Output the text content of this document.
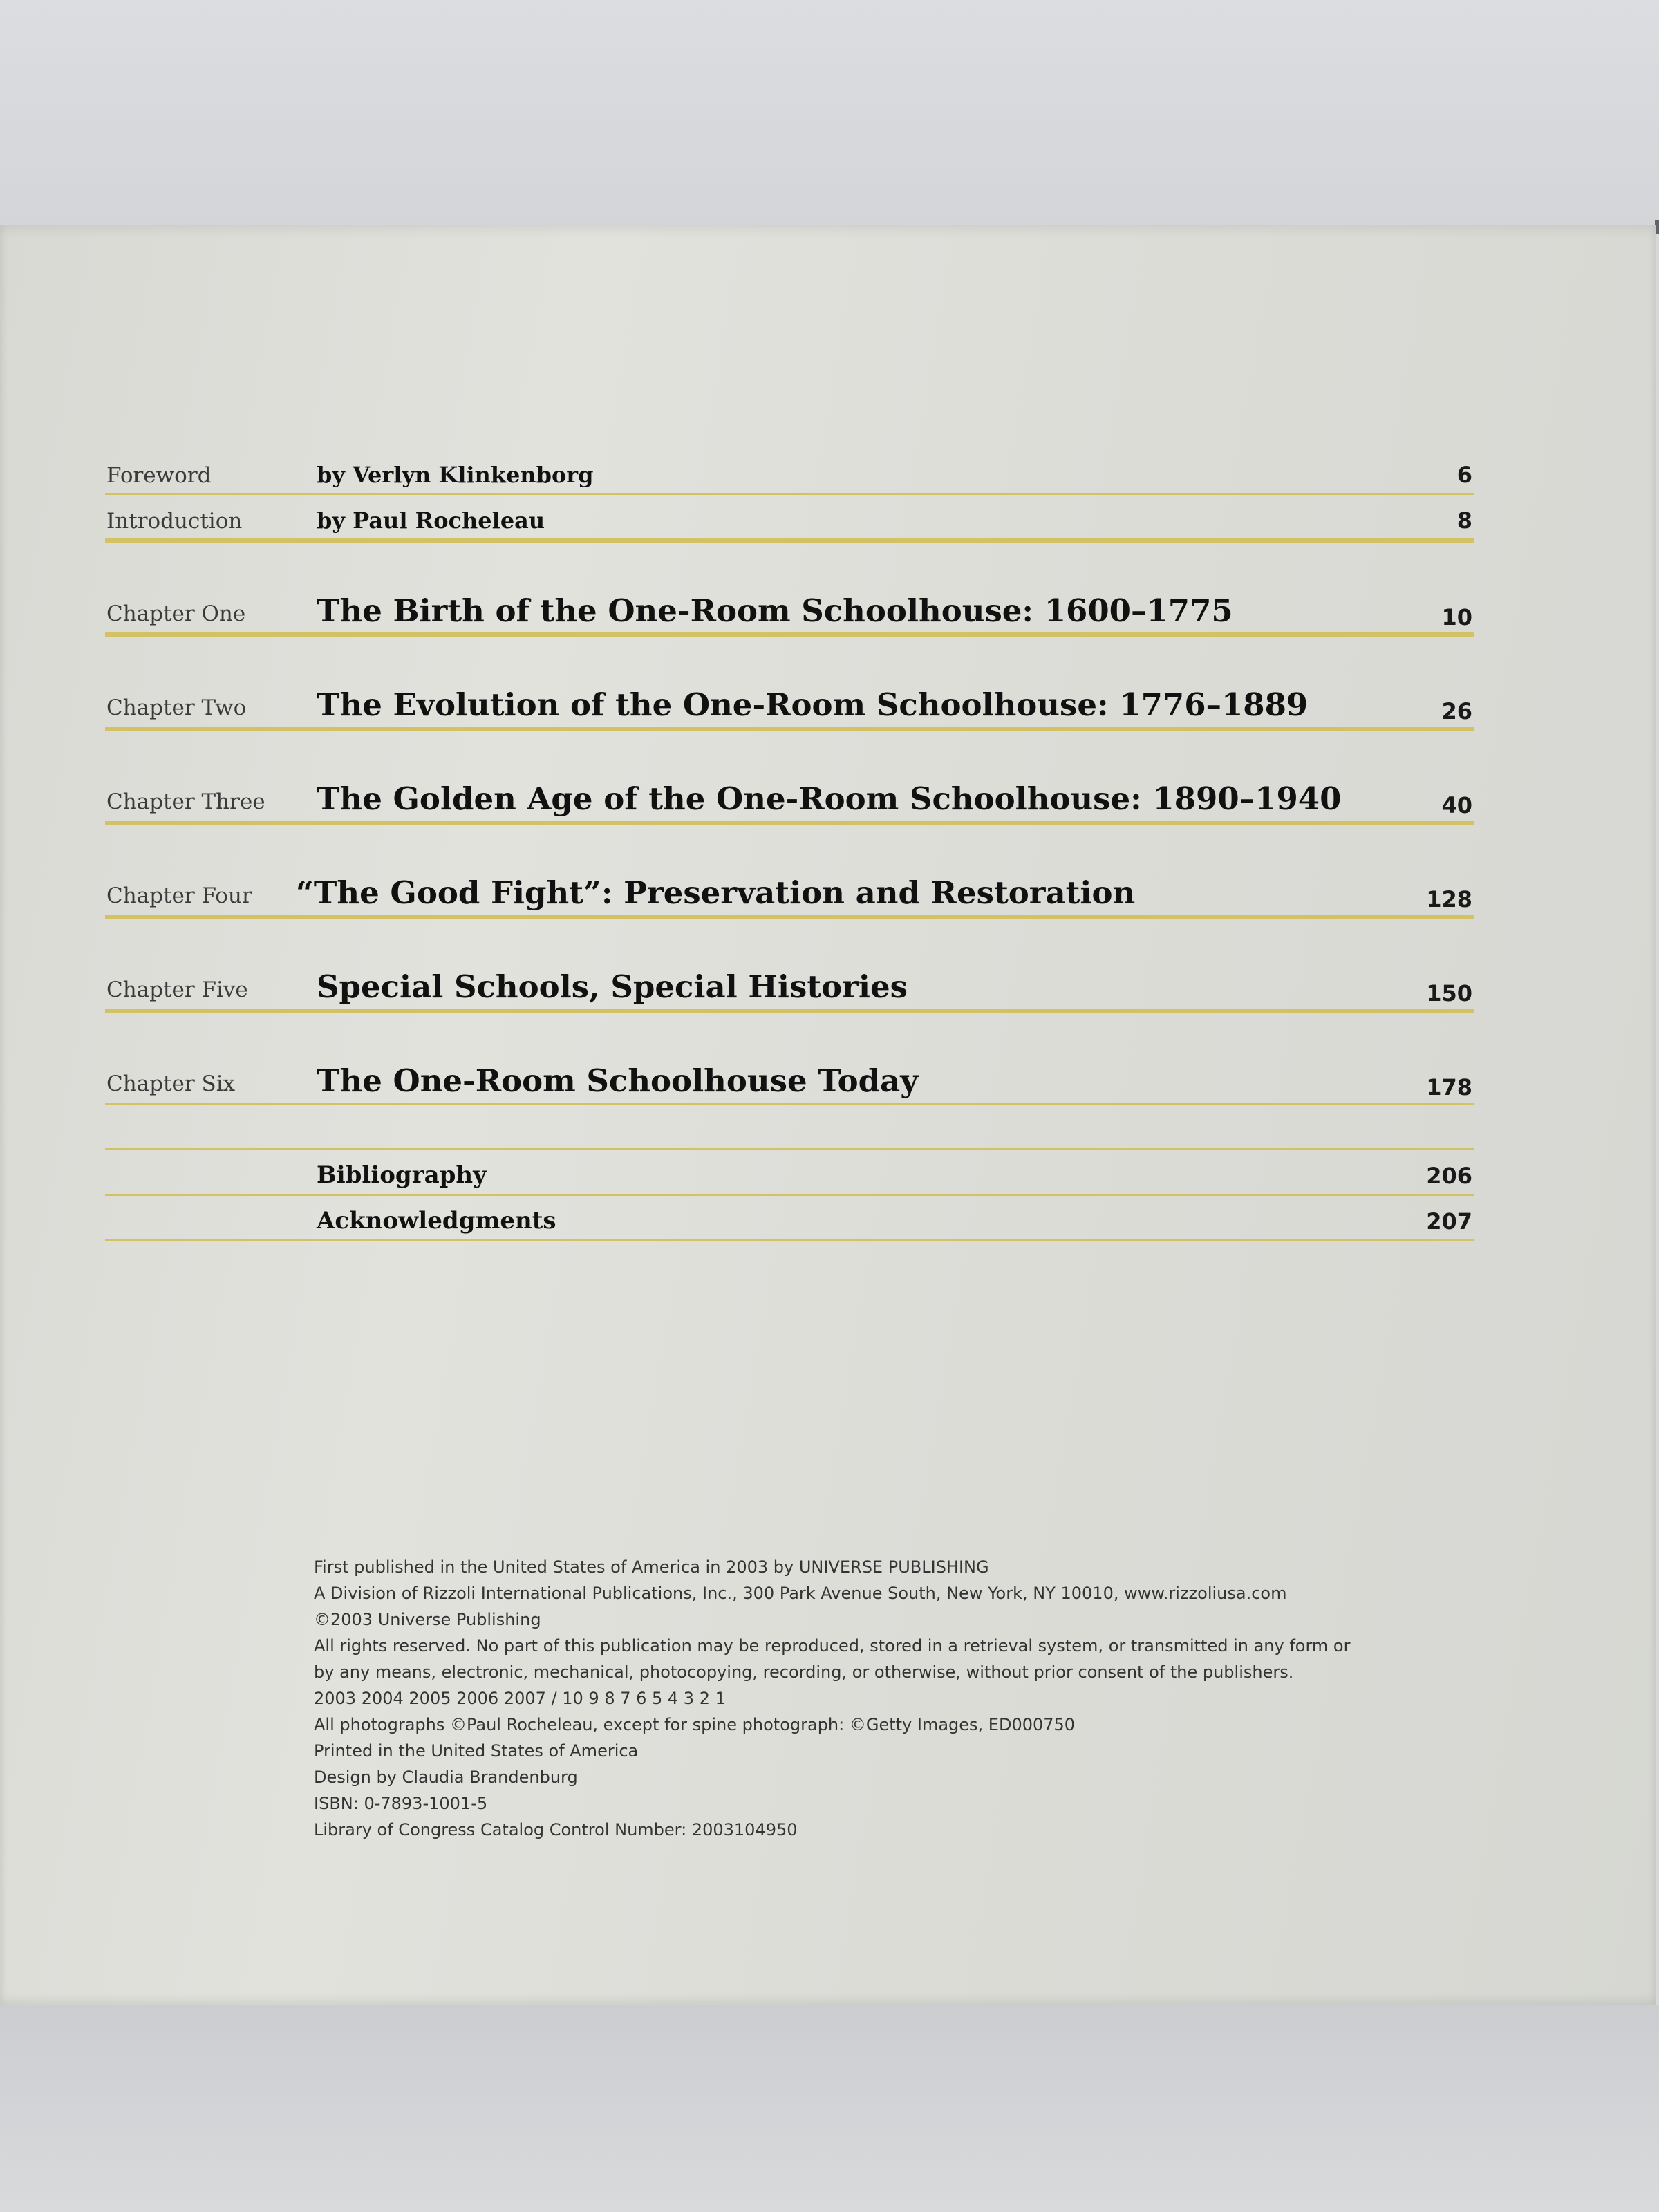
Foreword	by Verlyn Klinkenborg	6
Introduction	by Paul Rocheleau	8
Chapter One The Birth of the One-Room Schoolhouse: 1600–1775	10
Chapter Two The Evolution of the One-Room Schoolhouse: 1776–1889	26
Chapter Three The Golden Age of the One-Room Schoolhouse: 1890–1940	40
Chapter Four “The Good Fight”: Preservation and Restoration	128
Chapter Five Special Schools, Special Histories	150
Chapter Six	The One-Room Schoolhouse Today	178
Bibliography	206
Acknowledgments	207
First published in the United States of America in 2003 by UNIVERSE PUBLISHING
A Division of Rizzoli International Publications, Inc., 300 Park Avenue South, New York, NY 10010, www.rizzoliusa.com
©2003 Universe Publishing
All rights reserved. No part of this publication may be reproduced, stored in a retrieval system, or transmitted in any form or
by any means, electronic, mechanical, photocopying, recording, or otherwise, without prior consent of the publishers.
2003 2004 2005 2006 2007 / 10 9 8 7 6 5 4 3 2 1
All photographs ©Paul Rocheleau, except for spine photograph: ©Getty Images, ED000750
Printed in the United States of America
Design by Claudia Brandenburg
ISBN: 0-7893-1001-5
Library of Congress Catalog Control Number: 2003104950
